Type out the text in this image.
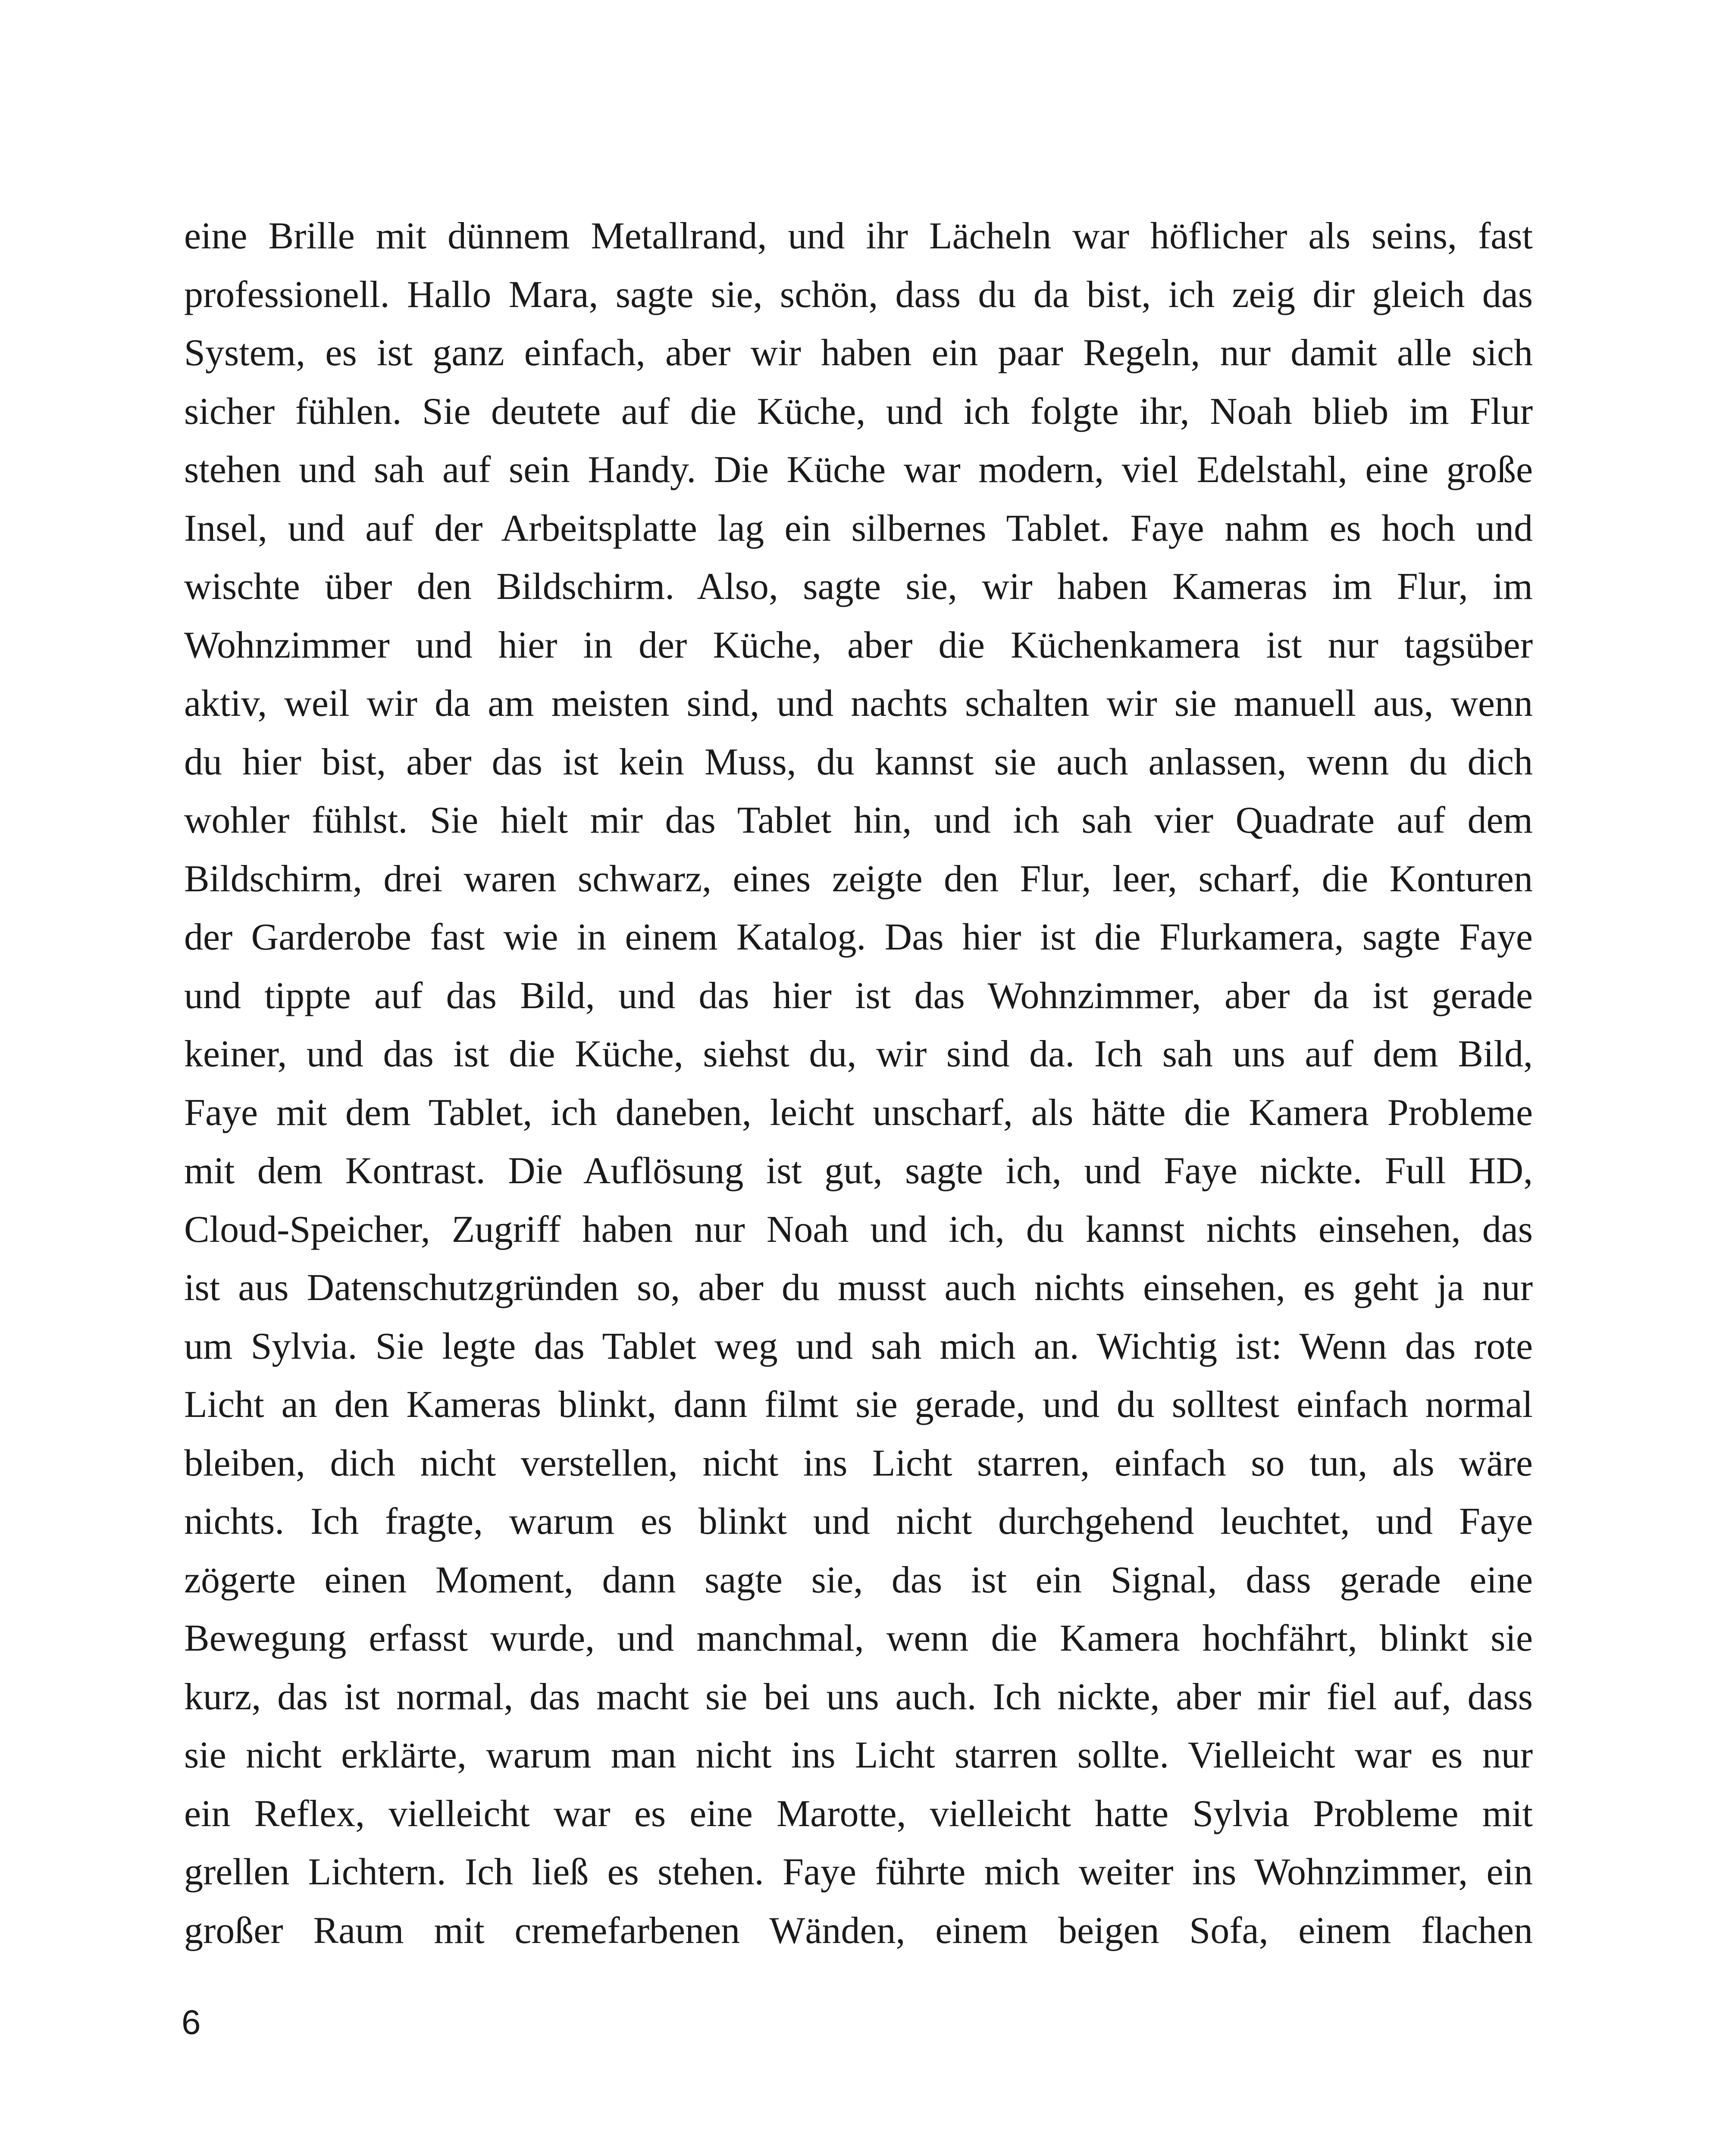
eine Brille mit dünnem Metallrand, und ihr Lächeln war höflicher als seins, fast
professionell. Hallo Mara, sagte sie, schön, dass du da bist, ich zeig dir gleich das
System, es ist ganz einfach, aber wir haben ein paar Regeln, nur damit alle sich
sicher fühlen. Sie deutete auf die Küche, und ich folgte ihr, Noah blieb im Flur
stehen und sah auf sein Handy. Die Küche war modern, viel Edelstahl, eine große
Insel, und auf der Arbeitsplatte lag ein silbernes Tablet. Faye nahm es hoch und
wischte über den Bildschirm. Also, sagte sie, wir haben Kameras im Flur, im
Wohnzimmer und hier in der Küche, aber die Küchenkamera ist nur tagsüber
aktiv, weil wir da am meisten sind, und nachts schalten wir sie manuell aus, wenn
du hier bist, aber das ist kein Muss, du kannst sie auch anlassen, wenn du dich
wohler fühlst. Sie hielt mir das Tablet hin, und ich sah vier Quadrate auf dem
Bildschirm, drei waren schwarz, eines zeigte den Flur, leer, scharf, die Konturen
der Garderobe fast wie in einem Katalog. Das hier ist die Flurkamera, sagte Faye
und tippte auf das Bild, und das hier ist das Wohnzimmer, aber da ist gerade
keiner, und das ist die Küche, siehst du, wir sind da. Ich sah uns auf dem Bild,
Faye mit dem Tablet, ich daneben, leicht unscharf, als hätte die Kamera Probleme
mit dem Kontrast. Die Auflösung ist gut, sagte ich, und Faye nickte. Full HD,
Cloud-Speicher, Zugriff haben nur Noah und ich, du kannst nichts einsehen, das
ist aus Datenschutzgründen so, aber du musst auch nichts einsehen, es geht ja nur
um Sylvia. Sie legte das Tablet weg und sah mich an. Wichtig ist: Wenn das rote
Licht an den Kameras blinkt, dann filmt sie gerade, und du solltest einfach normal
bleiben, dich nicht verstellen, nicht ins Licht starren, einfach so tun, als wäre
nichts. Ich fragte, warum es blinkt und nicht durchgehend leuchtet, und Faye
zögerte einen Moment, dann sagte sie, das ist ein Signal, dass gerade eine
Bewegung erfasst wurde, und manchmal, wenn die Kamera hochfährt, blinkt sie
kurz, das ist normal, das macht sie bei uns auch. Ich nickte, aber mir fiel auf, dass
sie nicht erklärte, warum man nicht ins Licht starren sollte. Vielleicht war es nur
ein Reflex, vielleicht war es eine Marotte, vielleicht hatte Sylvia Probleme mit
grellen Lichtern. Ich ließ es stehen. Faye führte mich weiter ins Wohnzimmer, ein
großer Raum mit cremefarbenen Wänden, einem beigen Sofa, einem flachen
6
